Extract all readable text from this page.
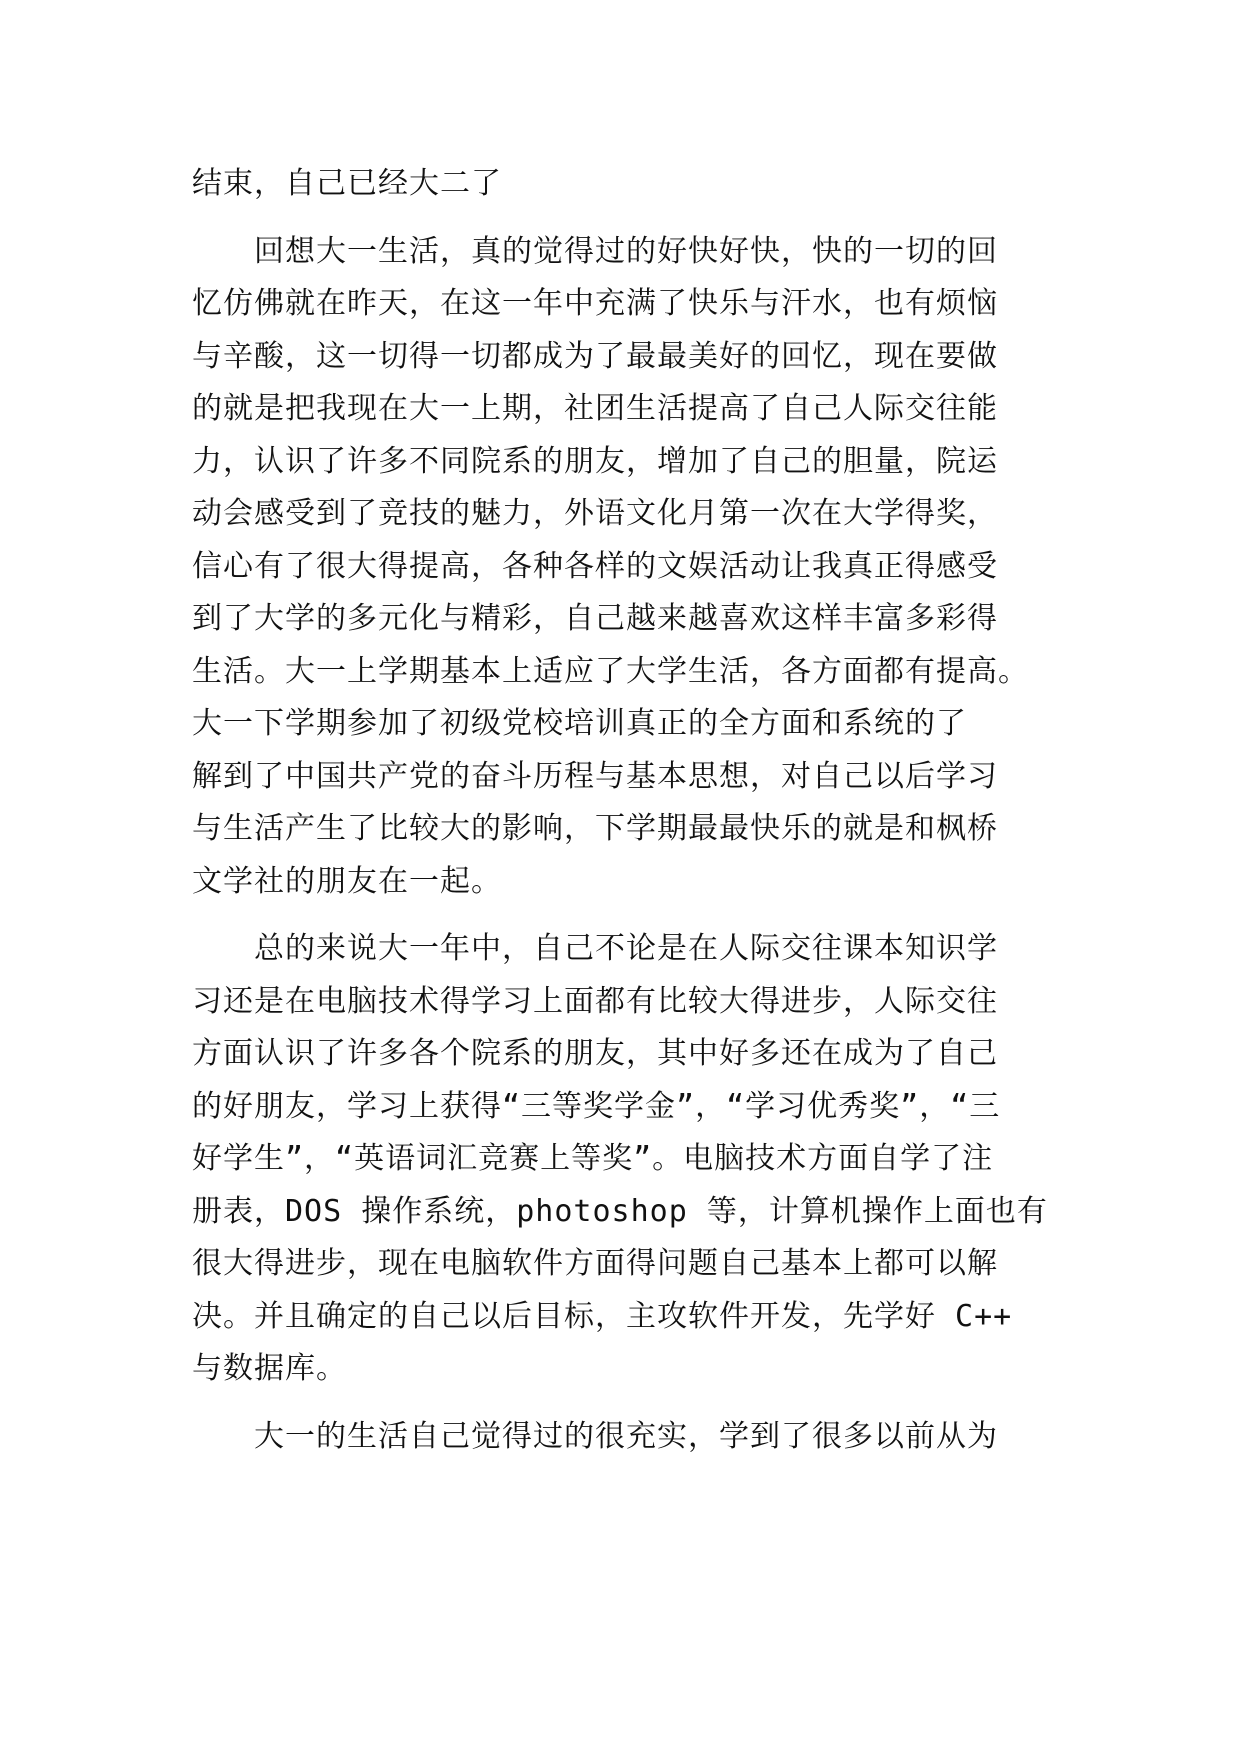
结束，自己已经大二了
回想大一生活，真的觉得过的好快好快，快的一切的回
忆仿佛就在昨天，在这一年中充满了快乐与汗水，也有烦恼
与辛酸，这一切得一切都成为了最最美好的回忆，现在要做
的就是把我现在大一上期，社团生活提高了自己人际交往能
力，认识了许多不同院系的朋友，增加了自己的胆量，院运
动会感受到了竞技的魅力，外语文化月第一次在大学得奖，
信心有了很大得提高，各种各样的文娱活动让我真正得感受
到了大学的多元化与精彩，自己越来越喜欢这样丰富多彩得
生活。大一上学期基本上适应了大学生活，各方面都有提高。
大一下学期参加了初级党校培训真正的全方面和系统的了
解到了中国共产党的奋斗历程与基本思想，对自己以后学习
与生活产生了比较大的影响，下学期最最快乐的就是和枫桥
文学社的朋友在一起。
总的来说大一年中，自己不论是在人际交往课本知识学
习还是在电脑技术得学习上面都有比较大得进步，人际交往
方面认识了许多各个院系的朋友，其中好多还在成为了自己
的好朋友，学习上获得“三等奖学金”，“学习优秀奖”，“三
好学生”，“英语词汇竞赛上等奖”。电脑技术方面自学了注
册表，DOS 操作系统，photoshop 等，计算机操作上面也有
很大得进步，现在电脑软件方面得问题自己基本上都可以解
决。并且确定的自己以后目标，主攻软件开发，先学好 C++
与数据库。
大一的生活自己觉得过的很充实，学到了很多以前从为
